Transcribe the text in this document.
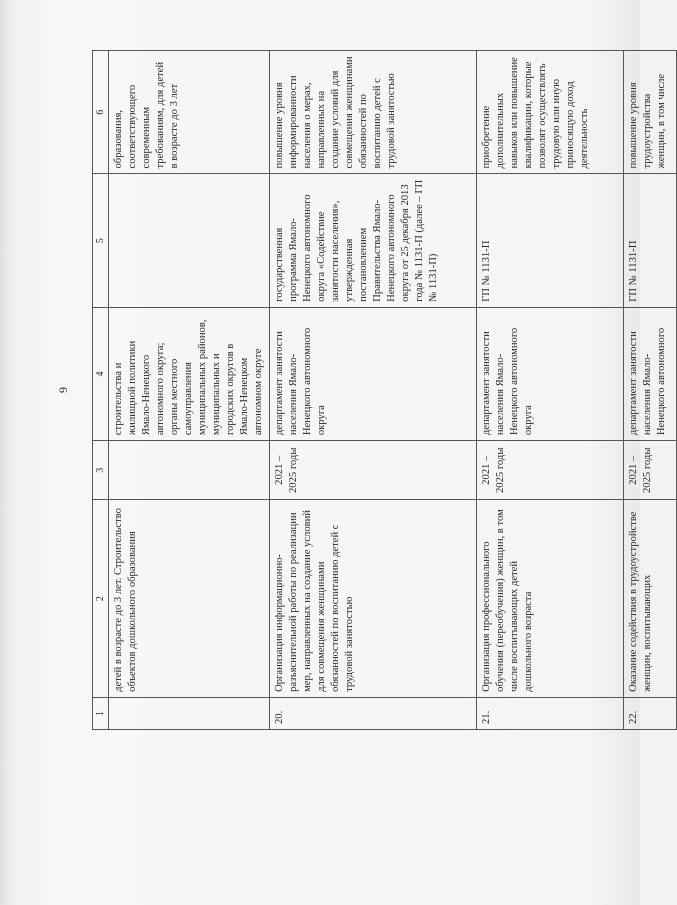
9
1	2	3	4	5	6
	детей в возрасте до 3 лет. Строительство объектов дошкольного образования		строительства и жилищной политики Ямало-Ненецкого автономного округа; органы местного самоуправления муниципальных районов, муниципальных и городских округов в Ямало-Ненецком автономном округе		образования, соответствующего современным требованиям, для детей в возрасте до 3 лет
20.	Организация информационно-разъяснительной работы по реализации мер, направленных на создание условий для совмещения женщинами обязанностей по воспитанию детей с трудовой занятостью	2021 – 2025 годы	департамент занятости населения Ямало-Ненецкого автономного округа	государственная программа Ямало-Ненецкого автономного округа «Содействие занятости населения», утвержденная постановлением Правительства Ямало-Ненецкого автономного округа от 25 декабря 2013 года № 1131-П (далее – ГП № 1131-П)	повышение уровня информированности населения о мерах, направленных на создание условий для совмещения женщинами обязанностей по воспитанию детей с трудовой занятостью
21.	Организация профессионального обучения (переобучения) женщин, в том числе воспитывающих детей дошкольного возраста	2021 – 2025 годы	департамент занятости населения Ямало-Ненецкого автономного округа	ГП № 1131-П	приобретение дополнительных навыков или повышение квалификации, которые позволят осуществлять трудовую или иную приносящую доход деятельность
22.	Оказание содействия в трудоустройстве женщин, воспитывающих	2021 – 2025 годы	департамент занятости населения Ямало-Ненецкого автономного	ГП № 1131-П	повышение уровня трудоустройства женщин, в том числе
